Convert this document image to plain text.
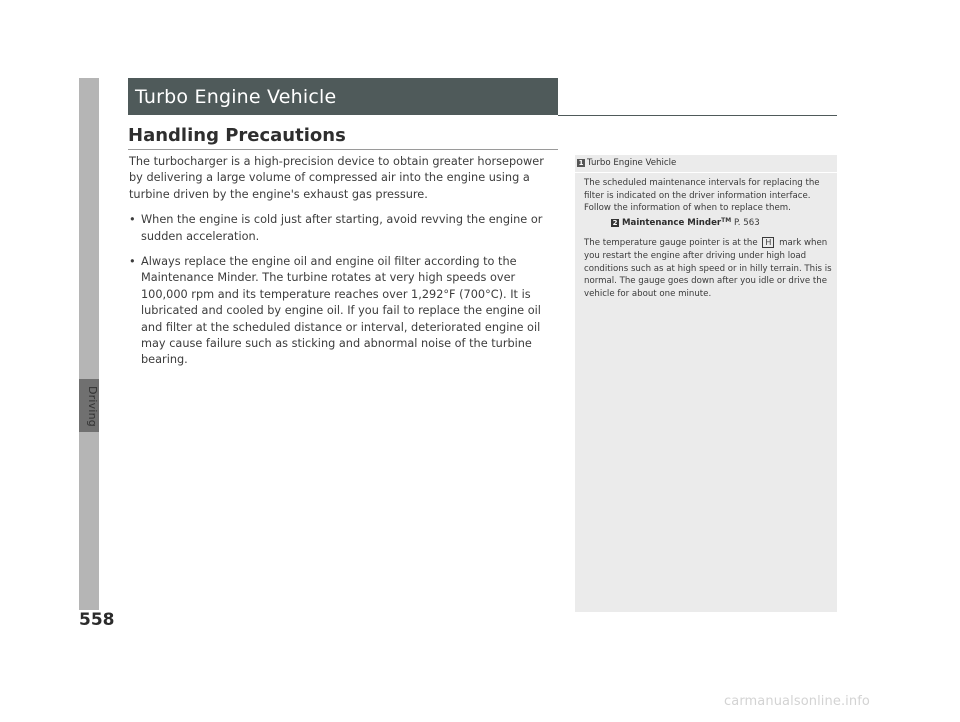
Driving
558
Turbo Engine Vehicle
Handling Precautions

The turbocharger is a high-precision device to obtain greater horsepower by delivering a large volume of compressed air into the engine using a turbine driven by the engine's exhaust gas pressure.

• When the engine is cold just after starting, avoid revving the engine or sudden acceleration.

• Always replace the engine oil and engine oil filter according to the Maintenance Minder. The turbine rotates at very high speeds over 100,000 rpm and its temperature reaches over 1,292°F (700°C). It is lubricated and cooled by engine oil. If you fail to replace the engine oil and filter at the scheduled distance or interval, deteriorated engine oil may cause failure such as sticking and abnormal noise of the turbine bearing.

1 Turbo Engine Vehicle

The scheduled maintenance intervals for replacing the filter is indicated on the driver information interface. Follow the information of when to replace them.

2 Maintenance Minder™ P. 563

The temperature gauge pointer is at the H mark when you restart the engine after driving under high load conditions such as at high speed or in hilly terrain. This is normal. The gauge goes down after you idle or drive the vehicle for about one minute.

carmanualsonline.info
